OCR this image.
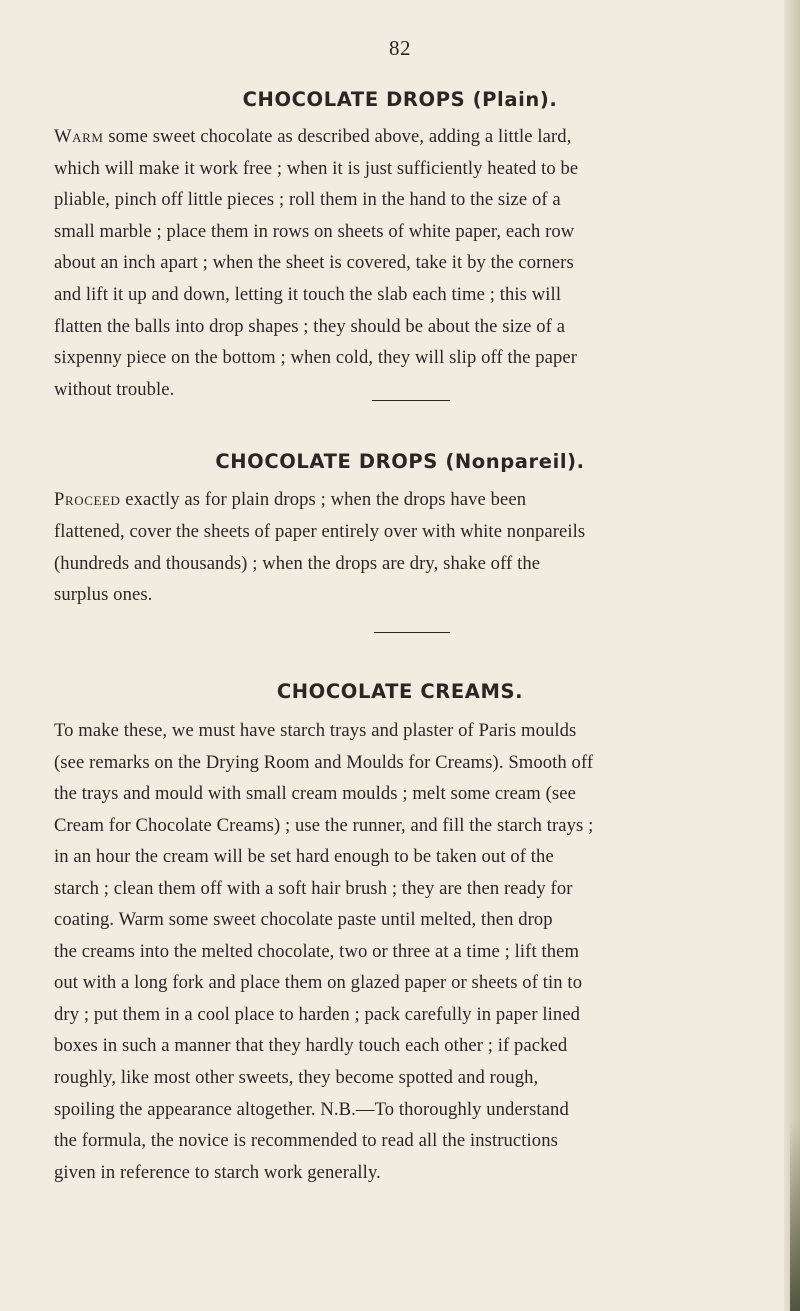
82
CHOCOLATE DROPS (Plain).
Warm some sweet chocolate as described above, adding a little lard,
which will make it work free ; when it is just sufficiently heated to be
pliable, pinch off little pieces ; roll them in the hand to the size of a
small marble ; place them in rows on sheets of white paper, each row
about an inch apart ; when the sheet is covered, take it by the corners
and lift it up and down, letting it touch the slab each time ; this will
flatten the balls into drop shapes ; they should be about the size of a
sixpenny piece on the bottom ; when cold, they will slip off the paper
without trouble.
CHOCOLATE DROPS (Nonpareil).
Proceed exactly as for plain drops ; when the drops have been
flattened, cover the sheets of paper entirely over with white nonpareils
(hundreds and thousands) ; when the drops are dry, shake off the
surplus ones.
CHOCOLATE CREAMS.
To make these, we must have starch trays and plaster of Paris moulds
(see remarks on the Drying Room and Moulds for Creams). Smooth off
the trays and mould with small cream moulds ; melt some cream (see
Cream for Chocolate Creams) ; use the runner, and fill the starch trays ;
in an hour the cream will be set hard enough to be taken out of the
starch ; clean them off with a soft hair brush ; they are then ready for
coating. Warm some sweet chocolate paste until melted, then drop
the creams into the melted chocolate, two or three at a time ; lift them
out with a long fork and place them on glazed paper or sheets of tin to
dry ; put them in a cool place to harden ; pack carefully in paper lined
boxes in such a manner that they hardly touch each other ; if packed
roughly, like most other sweets, they become spotted and rough,
spoiling the appearance altogether. N.B.—To thoroughly understand
the formula, the novice is recommended to read all the instructions
given in reference to starch work generally.
